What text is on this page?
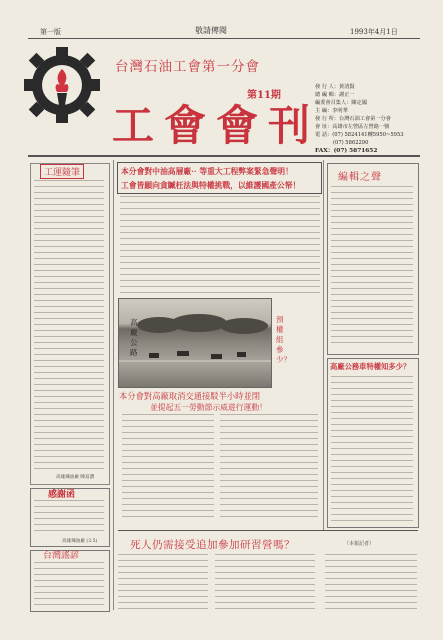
第一版	敬請傳閱	1993年4月1日
台灣石油工會第一分會
第11期
工會會刊
發 行 人：黃清賢
總 編 輯：謝正一
編委會召集人：陳定國
主 編：李明華
發 行 所：台灣石油工會第一分會
會 址：高雄市左營區左營路一號
電 話：(07) 5824141轉5950~5953
(07) 5862290
FAX：(07) 5871652
工運隨筆
高雄煉油廠 陳富讚
感謝函
高雄煉油廠 (3.5)
台灣謠諺
本分會對中油高層廠·· 等重大工程弊案緊急聲明！
工會皆願向貪贓枉法與特權挑戰，以維護國產公帑！
高廠公路
預權組參少？
本分會對高廠取消交通接駁半小時並閉
並提起五一勞動節示威遊行運動！
死人仍需接受追加參加研習營嗎？	（本報記者）
編輯之聲
高廠公務車特權知多少？
